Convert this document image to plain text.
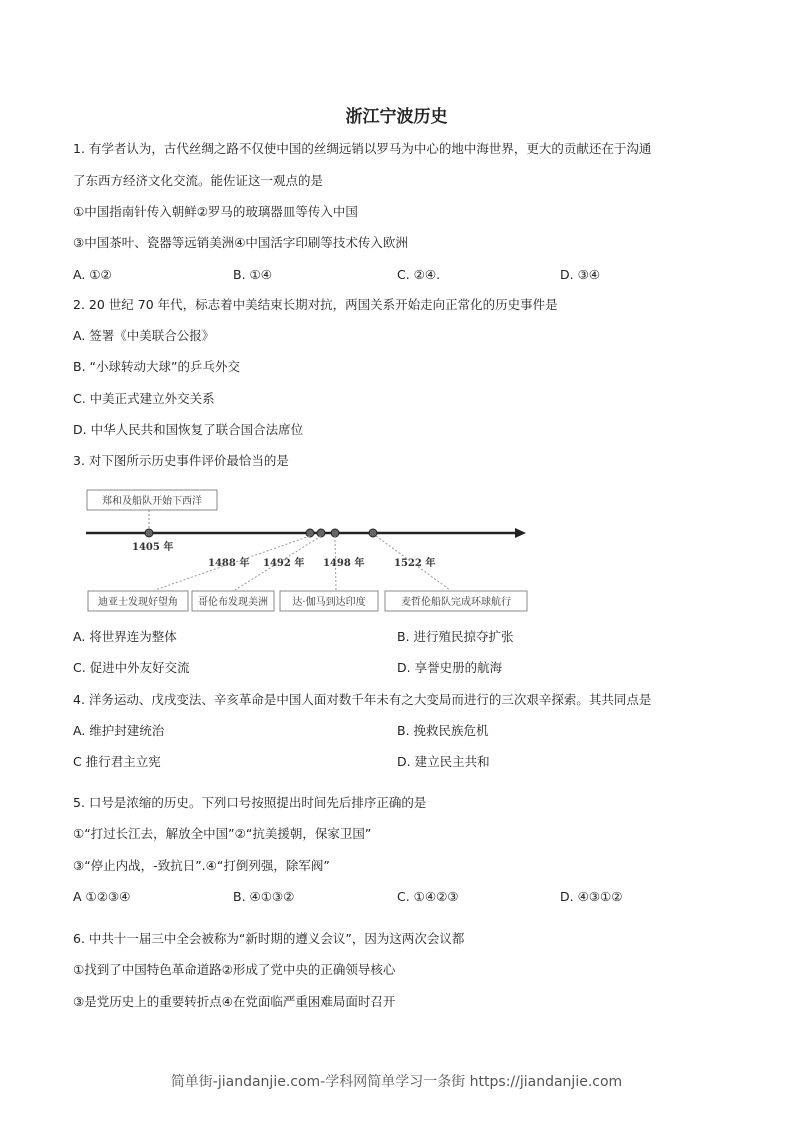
浙江宁波历史
1. 有学者认为，古代丝绸之路不仅使中国的丝绸远销以罗马为中心的地中海世界，更大的贡献还在于沟通
了东西方经济文化交流。能佐证这一观点的是
①中国指南针传入朝鲜②罗马的玻璃器皿等传入中国
③中国茶叶、瓷器等远销美洲④中国活字印刷等技术传入欧洲
A. ①②	B. ①④	C. ②④.	D. ③④
2. 20 世纪 70 年代，标志着中美结束长期对抗，两国关系开始走向正常化的历史事件是
A. 签署《中美联合公报》
B. “小球转动大球”的乒乓外交
C. 中美正式建立外交关系
D. 中华人民共和国恢复了联合国合法席位
3. 对下图所示历史事件评价最恰当的是
郑和及船队开始下西洋
1405 年
1488 年 1492 年 1498 年	1522 年
迪亚士发现好望角 哥伦布发现美洲 达·伽马到达印度	麦哲伦船队完成环球航行
A. 将世界连为整体	B. 进行殖民掠夺扩张
C. 促进中外友好交流	D. 享誉史册的航海
4. 洋务运动、戊戌变法、辛亥革命是中国人面对数千年未有之大变局而进行的三次艰辛探索。其共同点是
A. 维护封建统治	B. 挽救民族危机
C 推行君主立宪	D. 建立民主共和
5. 口号是浓缩的历史。下列口号按照提出时间先后排序正确的是
①“打过长江去，解放全中国”②“抗美援朝，保家卫国”
③“停止内战，-致抗日”.④“打倒列强，除军阀”
A ①②③④	B. ④①③②	C. ①④②③	D. ④③①②
6. 中共十一届三中全会被称为“新时期的遵义会议”，因为这两次会议都
①找到了中国特色革命道路②形成了党中央的正确领导核心
③是党历史上的重要转折点④在党面临严重困难局面时召开
简单街-jiandanjie.com-学科网简单学习一条街 https://jiandanjie.com
